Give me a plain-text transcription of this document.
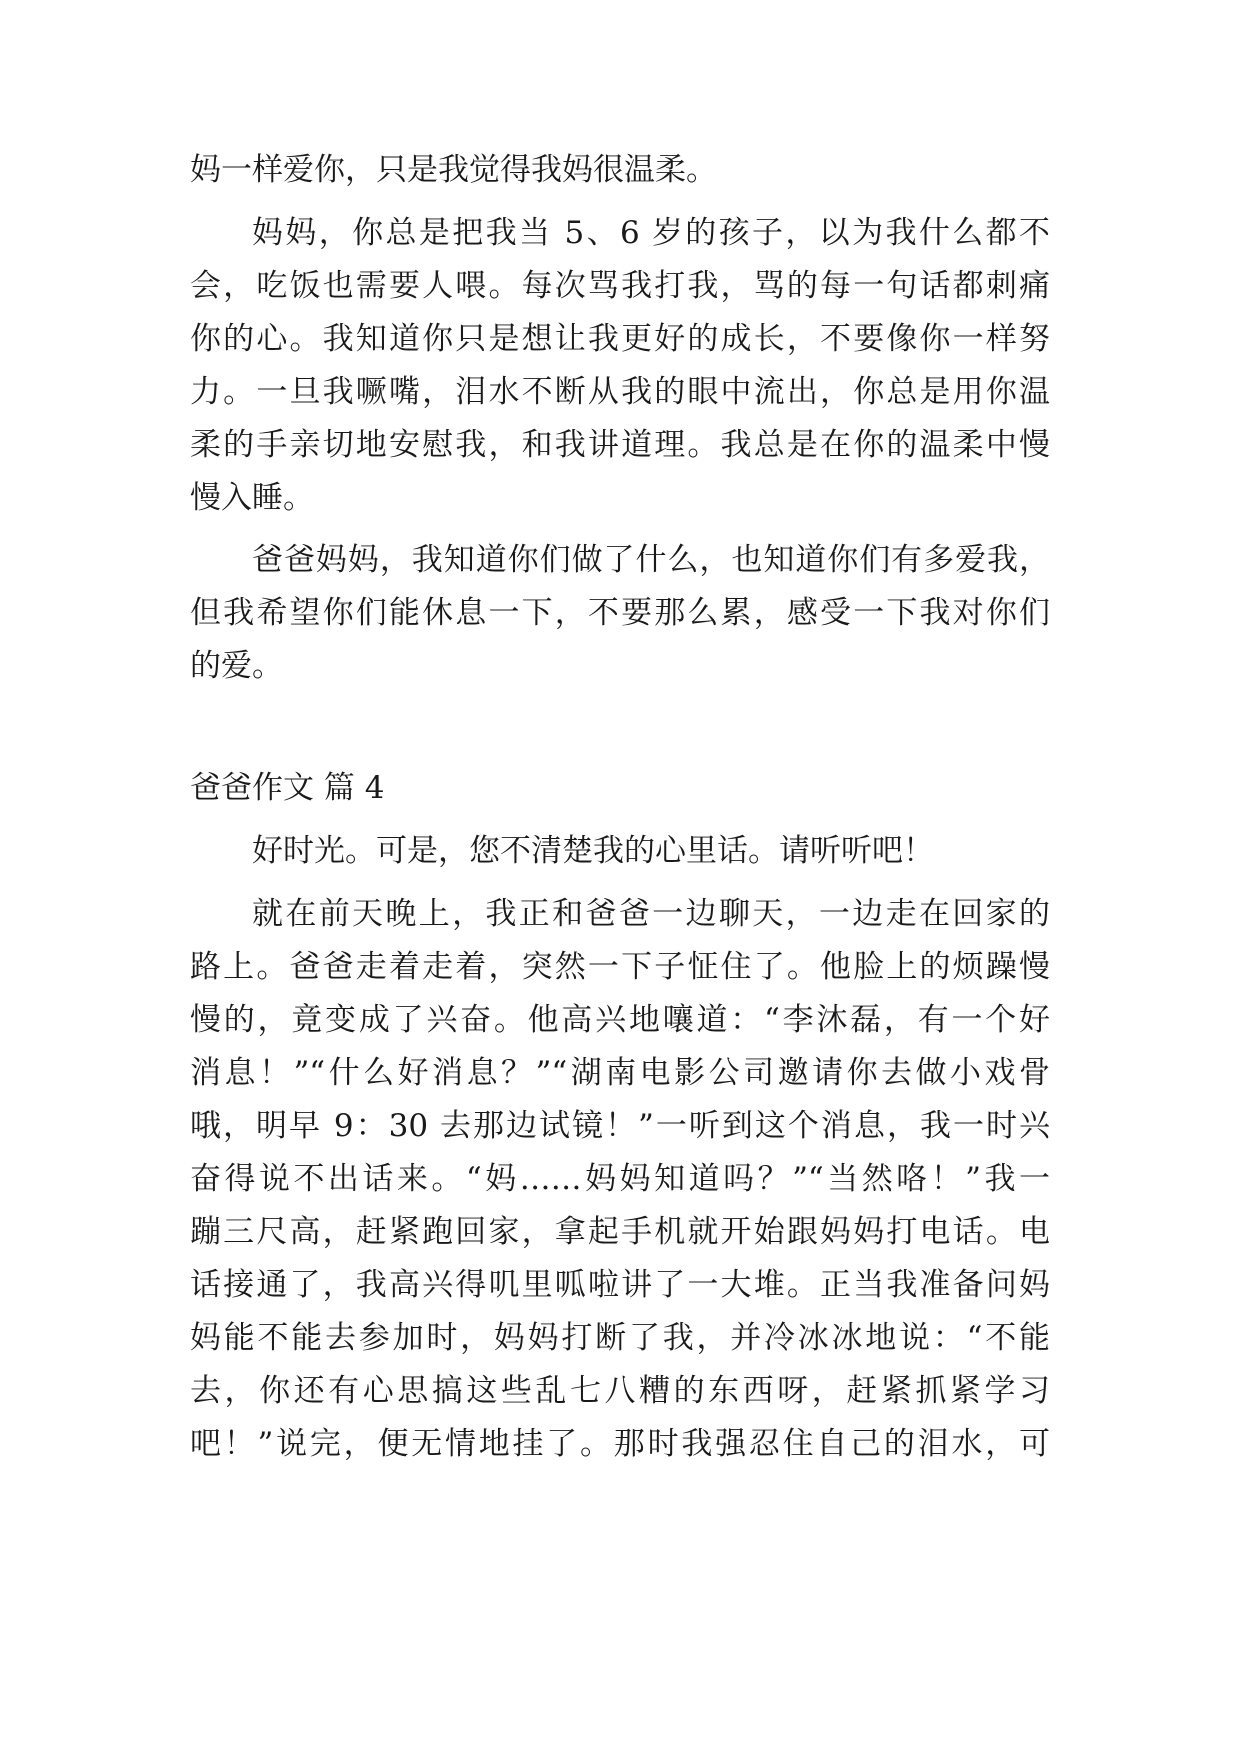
妈一样爱你，只是我觉得我妈很温柔。
妈妈，你总是把我当 5、6 岁的孩子，以为我什么都不
会，吃饭也需要人喂。每次骂我打我，骂的每一句话都刺痛
你的心。我知道你只是想让我更好的成长，不要像你一样努
力。一旦我噘嘴，泪水不断从我的眼中流出，你总是用你温
柔的手亲切地安慰我，和我讲道理。我总是在你的温柔中慢
慢入睡。
爸爸妈妈，我知道你们做了什么，也知道你们有多爱我，
但我希望你们能休息一下，不要那么累，感受一下我对你们
的爱。
爸爸作文 篇 4
好时光。可是，您不清楚我的心里话。请听听吧！
就在前天晚上，我正和爸爸一边聊天，一边走在回家的
路上。爸爸走着走着，突然一下子怔住了。他脸上的烦躁慢
慢的，竟变成了兴奋。他高兴地嚷道：“李沐磊，有一个好
消息！”“什么好消息？”“湖南电影公司邀请你去做小戏骨
哦，明早 9：30 去那边试镜！”一听到这个消息，我一时兴
奋得说不出话来。“妈……妈妈知道吗？”“当然咯！”我一
蹦三尺高，赶紧跑回家，拿起手机就开始跟妈妈打电话。电
话接通了，我高兴得叽里呱啦讲了一大堆。正当我准备问妈
妈能不能去参加时，妈妈打断了我，并冷冰冰地说：“不能
去，你还有心思搞这些乱七八糟的东西呀，赶紧抓紧学习
吧！”说完，便无情地挂了。那时我强忍住自己的泪水，可
